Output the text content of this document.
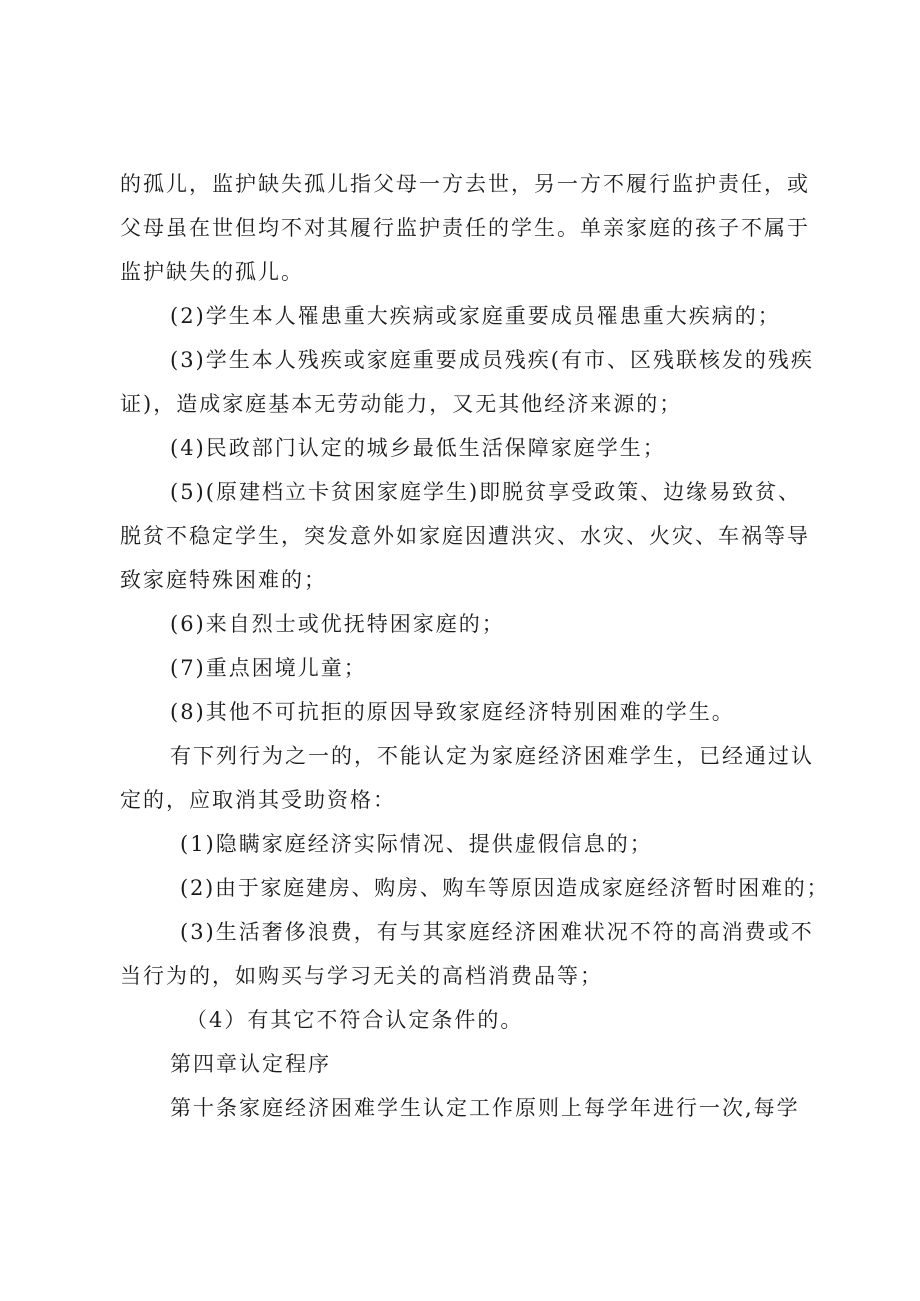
的孤儿，监护缺失孤儿指父母一方去世，另一方不履行监护责任，或
父母虽在世但均不对其履行监护责任的学生。单亲家庭的孩子不属于
监护缺失的孤儿。
(2)学生本人罹患重大疾病或家庭重要成员罹患重大疾病的；
(3)学生本人残疾或家庭重要成员残疾(有市、区残联核发的残疾
证)，造成家庭基本无劳动能力，又无其他经济来源的；
(4)民政部门认定的城乡最低生活保障家庭学生；
(5)(原建档立卡贫困家庭学生)即脱贫享受政策、边缘易致贫、
脱贫不稳定学生，突发意外如家庭因遭洪灾、水灾、火灾、车祸等导
致家庭特殊困难的；
(6)来自烈士或优抚特困家庭的；
(7)重点困境儿童；
(8)其他不可抗拒的原因导致家庭经济特别困难的学生。
有下列行为之一的，不能认定为家庭经济困难学生，已经通过认
定的，应取消其受助资格：
(1)隐瞒家庭经济实际情况、提供虚假信息的；
(2)由于家庭建房、购房、购车等原因造成家庭经济暂时困难的；
(3)生活奢侈浪费，有与其家庭经济困难状况不符的高消费或不
当行为的，如购买与学习无关的高档消费品等；
（4）有其它不符合认定条件的。
第四章认定程序
第十条家庭经济困难学生认定工作原则上每学年进行一次,每学
